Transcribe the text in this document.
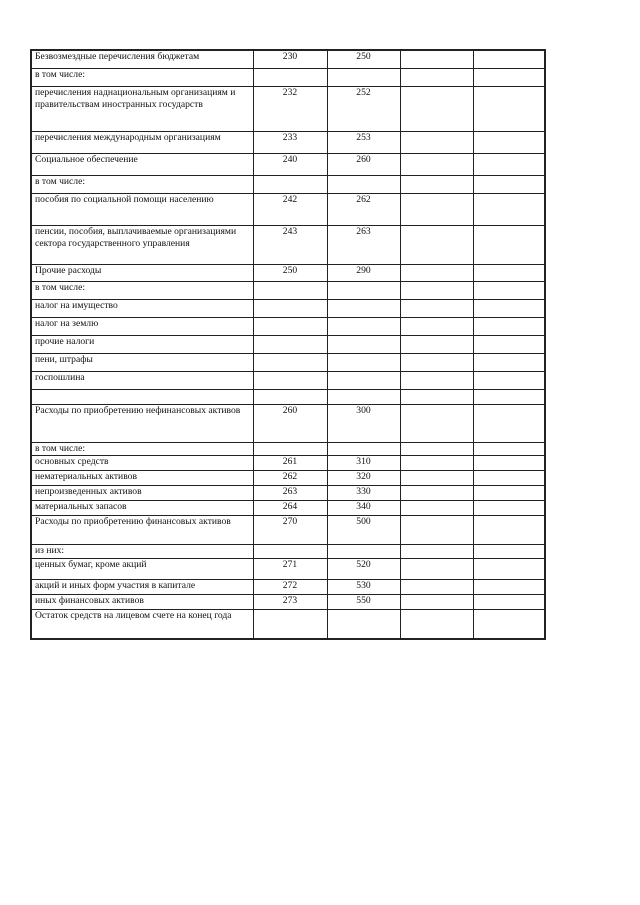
Безвозмездные перечисления бюджетам	230	250		
в том числе:				
перечисления наднациональным организациям и правительствам иностранных государств	232	252		
перечисления международным организациям	233	253		
Социальное обеспечение	240	260		
в том числе:				
пособия по социальной помощи населению	242	262		
пенсии, пособия, выплачиваемые организациями сектора государственного управления	243	263		
Прочие расходы	250	290		
в том числе:				
налог на имущество				
налог на землю				
прочие налоги				
пени, штрафы				
госпошлина				

Расходы по приобретению нефинансовых активов	260	300		
в том числе:				
основных средств	261	310		
нематериальных активов	262	320		
непроизведенных активов	263	330		
материальных запасов	264	340		
Расходы по приобретению финансовых активов	270	500		
из них:				
ценных бумаг, кроме акций	271	520		
акций и иных форм участия в капитале	272	530		
иных финансовых активов	273	550		
Остаток средств на лицевом счете на конец года				
